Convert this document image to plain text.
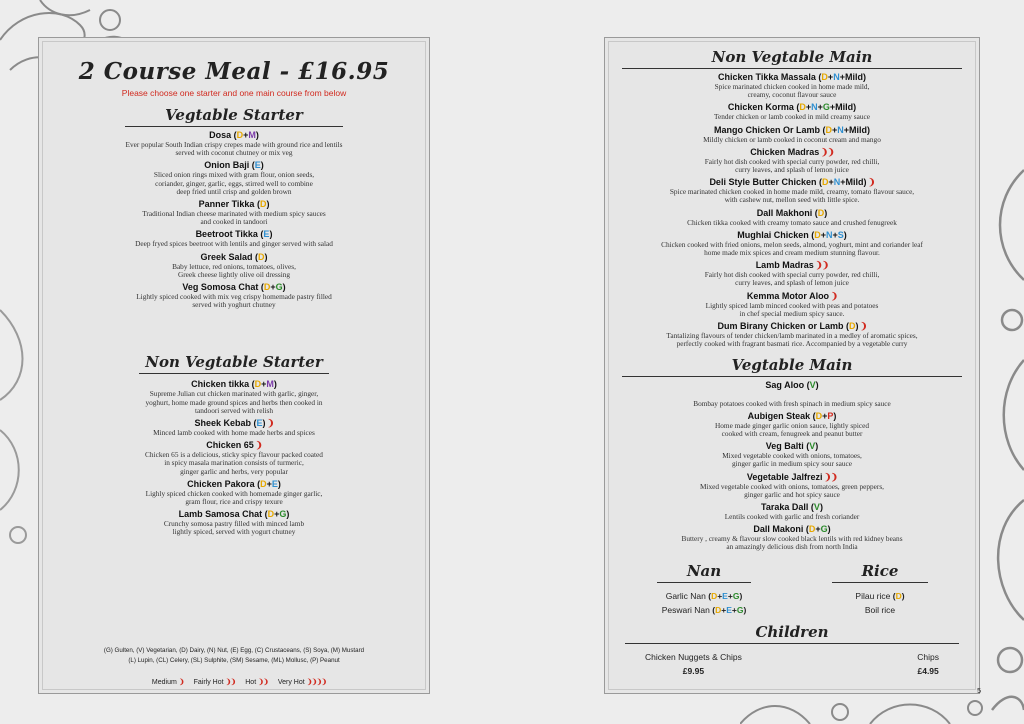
2 Course Meal - £16.95
Please choose one starter and one main course from below
Vegtable Starter
Dosa (D+M)
Ever popular South Indian crispy crepes made with ground rice and lentils
served with coconut chutney or mix veg
Onion Baji (E)
Sliced onion rings mixed with gram flour, onion seeds,
coriander, ginger, garlic, eggs, stirred well to combine
deep fried until crisp and golden brown
Panner Tikka (D)
Traditional Indian cheese marinated with medium spicy sauces
and cooked in tandoori
Beetroot Tikka (E)
Deep fryed spices beetroot with lentils and ginger served with salad
Greek Salad (D)
Baby lettuce, red onions, tomatoes, olives,
Greek cheese lightly olive oil dressing
Veg Somosa Chat (D+G)
Lightly spiced cooked with mix veg crispy homemade pastry filled
served with yoghurt chutney
Non Vegtable Starter
Chicken tikka (D+M)
Supreme Julian cut chicken marinated with garlic, ginger,
yoghurt, home made ground spices and herbs then cooked in
tandoori served with relish
Sheek Kebab (E) ❩
Minced lamb cooked with home made herbs and spices
Chicken 65 ❩
Chicken 65 is a delicious, sticky spicy flavour packed coated
in spicy masala marination consists of turmeric,
ginger garlic and herbs, very popular
Chicken Pakora (D+E)
Lighly spiced chicken cooked with homemade ginger garlic,
gram flour, rice and crispy texure
Lamb Samosa Chat (D+G)
Crunchy somosa pastry filled with minced lamb
lightly spiced, served with yogurt chutney
(G) Gulten, (V) Vegetarian, (D) Dairy, (N) Nut, (E) Egg, (C) Crustaceans, (S) Soya, (M) Mustard
(L) Lupin, (CL) Celery, (SL) Sulphite, (SM) Sesame, (ML) Mollusc, (P) Peanut
Medium ❩ Fairly Hot ❩❩ Hot ❩❩ Very Hot ❩❩❩❩
Non Vegtable Main
Chicken Tikka Massala (D+N+Mild)
Spice marinated chicken cooked in home made mild,
creamy, coconut flavour sauce
Chicken Korma (D+N+G+Mild)
Tender chicken or lamb cooked in mild creamy sauce
Mango Chicken Or Lamb (D+N+Mild)
Mildly chicken or lamb cooked in coconut cream and mango
Chicken Madras ❩❩
Fairly hot dish cooked with special curry powder, red chilli,
curry leaves, and splash of lemon juice
Deli Style Butter Chicken (D+N+Mild) ❩
Spice marinated chicken cooked in home made mild, creamy, tomato flavour sauce,
with cashew nut, mellon seed with little spice.
Dall Makhoni (D)
Chicken tikka cooked with creamy tomato sauce and crushed fenugreek
Mughlai Chicken (D+N+S)
Chicken cooked with fried onions, melon seeds, almond, yoghurt, mint and coriander leaf
home made mix spices and cream medium stunning flavour.
Lamb Madras ❩❩
Fairly hot dish cooked with special curry powder, red chilli,
curry leaves, and splash of lemon juice
Kemma Motor Aloo ❩
Lightly spiced lamb minced cooked with peas and potatoes
in chef special medium spicy sauce.
Dum Birany Chicken or Lamb (D) ❩
Tantalizing flavours of tender chicken/lamb marinated in a medley of aromatic spices,
perfectly cooked with fragrant basmati rice. Accompanied by a vegetable curry
Vegtable Main
Sag Aloo (V)

Bombay potatoes cooked with fresh spinach in medium spicy sauce
Aubigen Steak (D+P)
Home made ginger garlic onion sauce, lightly spiced
cooked with cream, fenugreek and peanut butter
Veg Balti (V)
Mixed vegetable cooked with onions, tomatoes,
ginger garlic in medium spicy sour sauce
Vegetable Jalfrezi ❩❩
Mixed vegetable cooked with onions, tomatoes, green peppers,
ginger garlic and hot spicy sauce
Taraka Dall (V)
Lentils cooked with garlic and fresh coriander
Dall Makoni (D+G)
Buttery , creamy & flavour slow cooked black lentils with red kidney beans
an amazingly delicious dish from north India
Nan
Garlic Nan (D+E+G)
Peswari Nan (D+E+G)
Rice
Pilau rice (D)
Boil rice
Children
Chicken Nuggets & Chips
£9.95
Chips
£4.95
5
